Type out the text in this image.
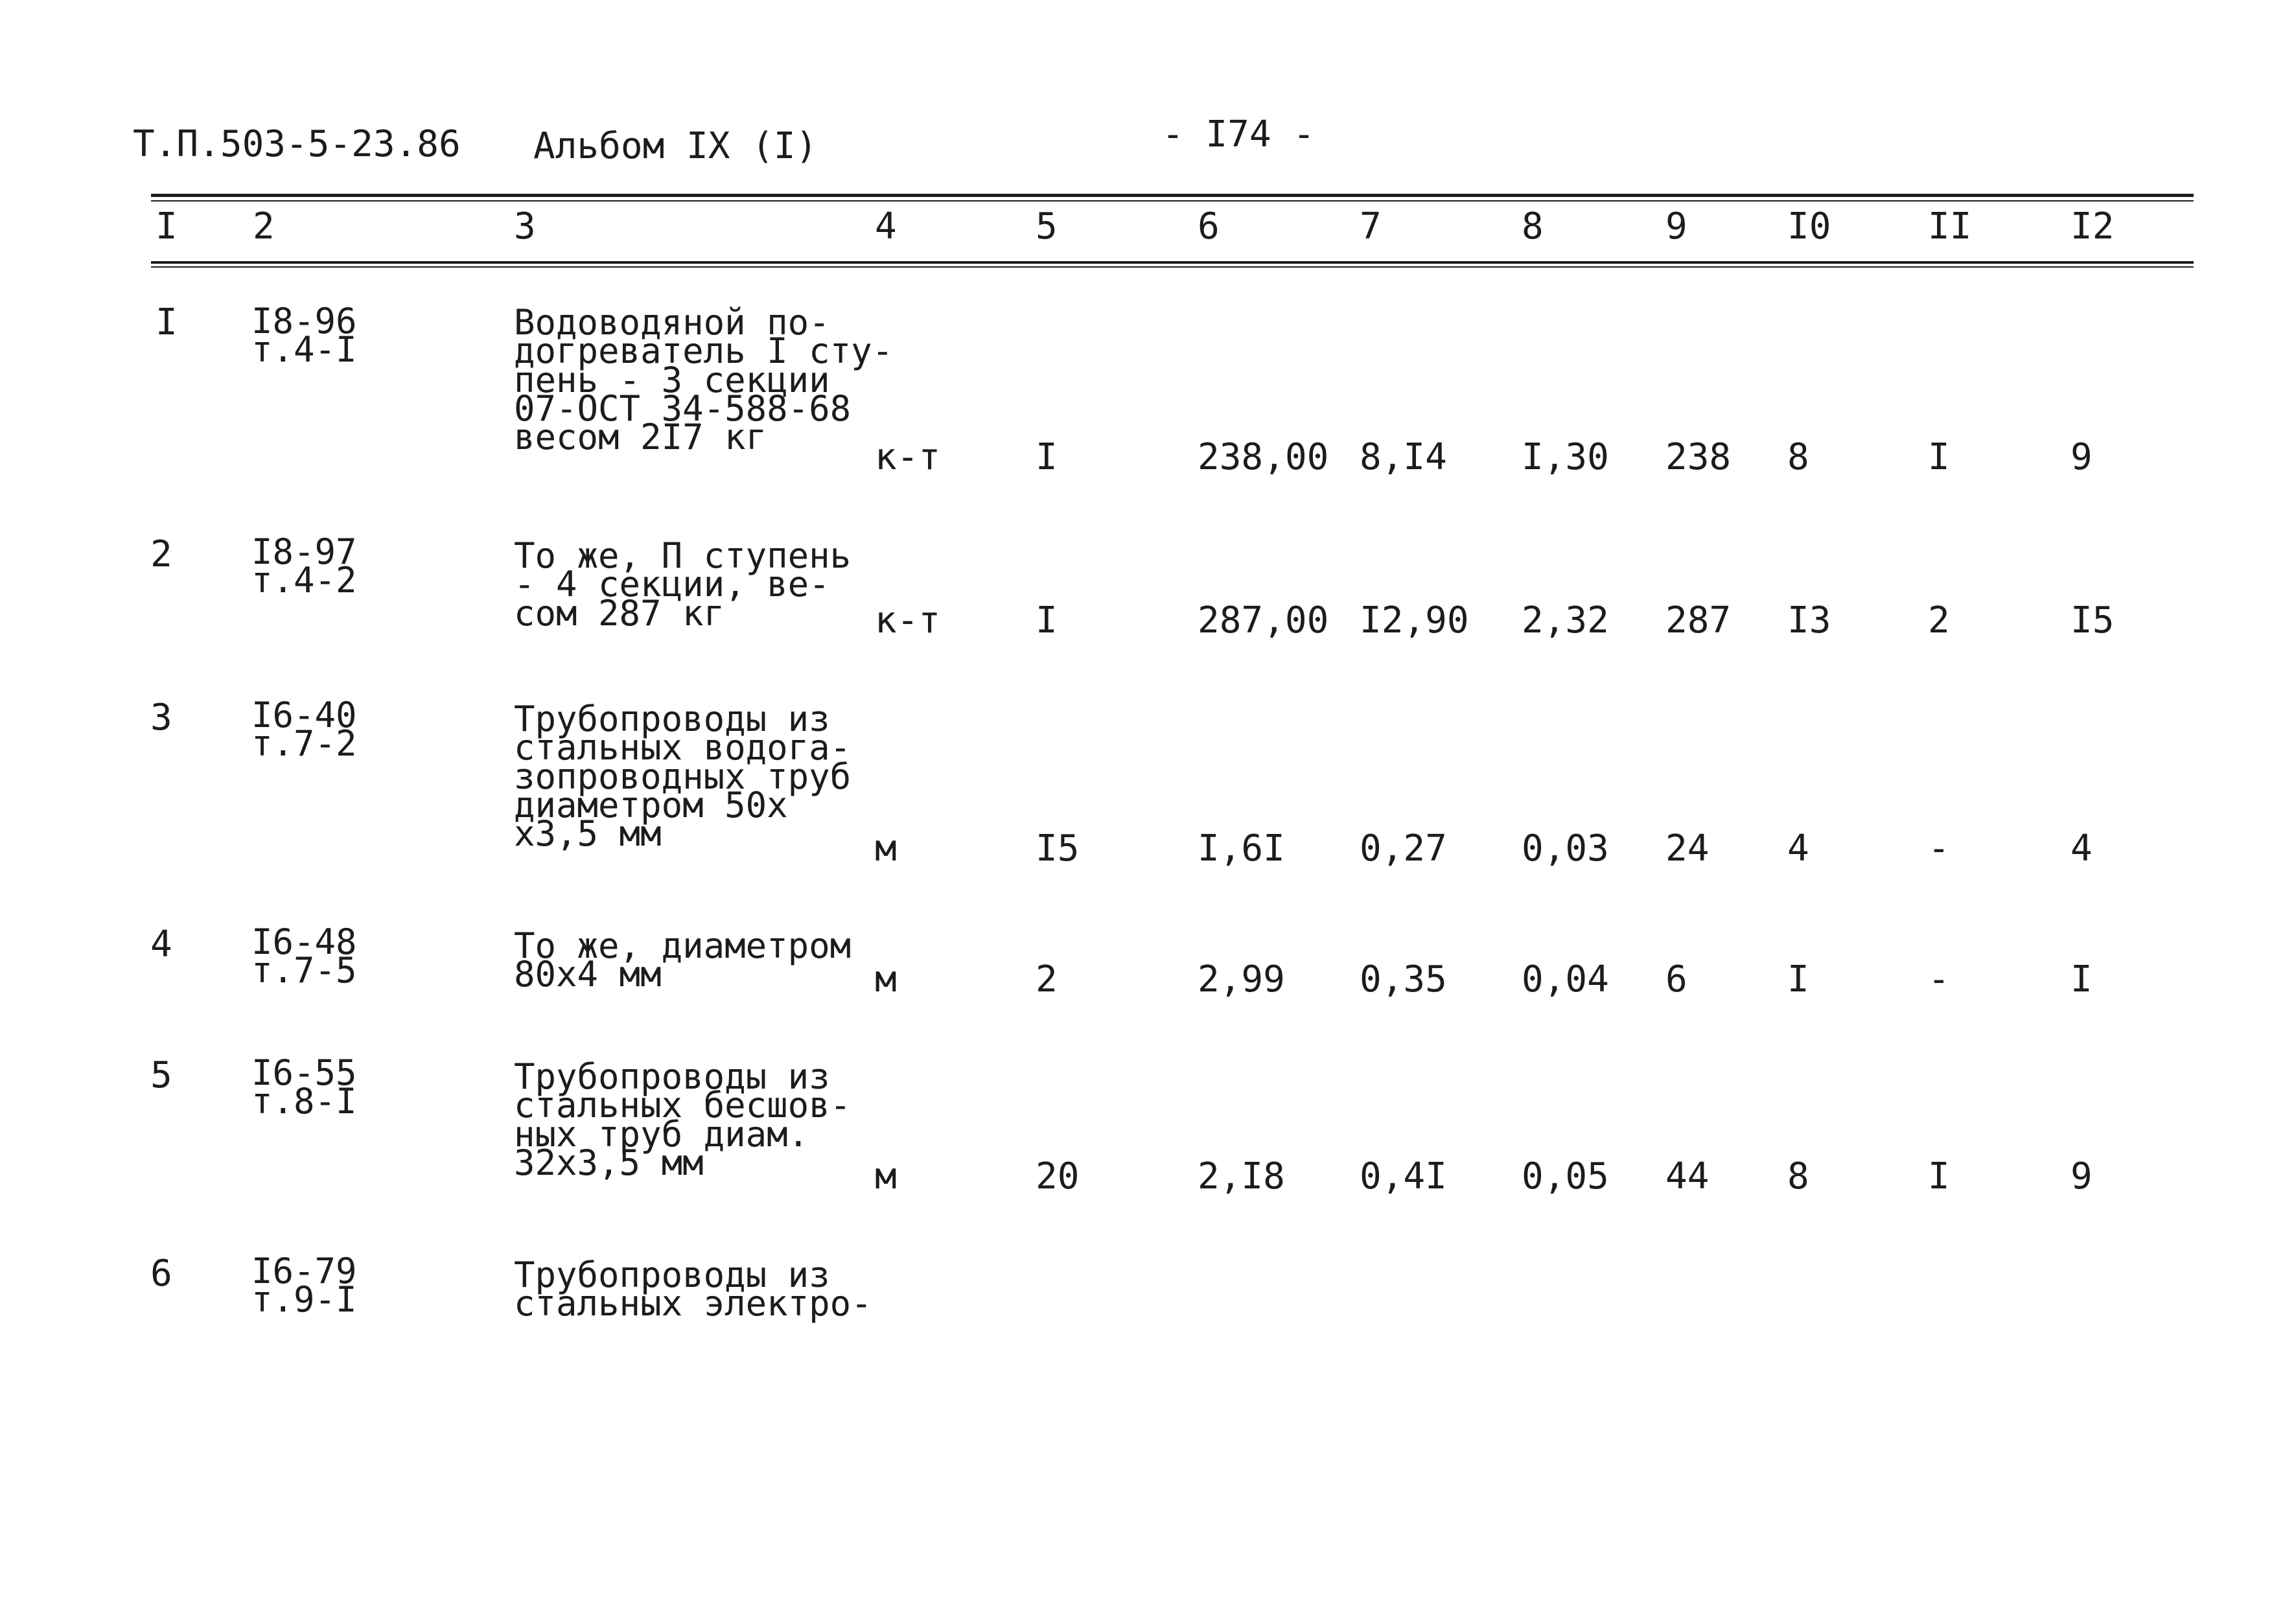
Т.П.503-5-23.86 Альбом IX (I)	- I74 -
I 2	3	4	5	6	7	8	9	I0	II	I2
I I8-96
т.4-I
Водоводяной по-
догреватель I сту-
пень - 3 секции
07-ОСТ 34-588-68
весом 2I7 кг	к-т	I	238,00 8,I4 I,30 238 8	I	9
2 I8-97
т.4-2
То же, П ступень
- 4 секции, ве-
сом 287 кг	к-т	I	287,00 I2,90 2,32 287 I3	2	I5
3 I6-40
т.7-2
Трубопроводы из
стальных водога-
зопроводных труб
диаметром 50х
х3,5 мм	м	I5	I,6I 0,27 0,03 24 4	-	4
4 I6-48
т.7-5
То же, диаметром
80х4 мм	м	2	2,99 0,35 0,04 6	I	-	I
5 I6-55
т.8-I
Трубопроводы из
стальных бесшов-
ных труб диам.
32х3,5 мм	м	20	2,I8 0,4I 0,05 44 8	I	9
6 I6-79
т.9-I
Трубопроводы из
стальных электро-
